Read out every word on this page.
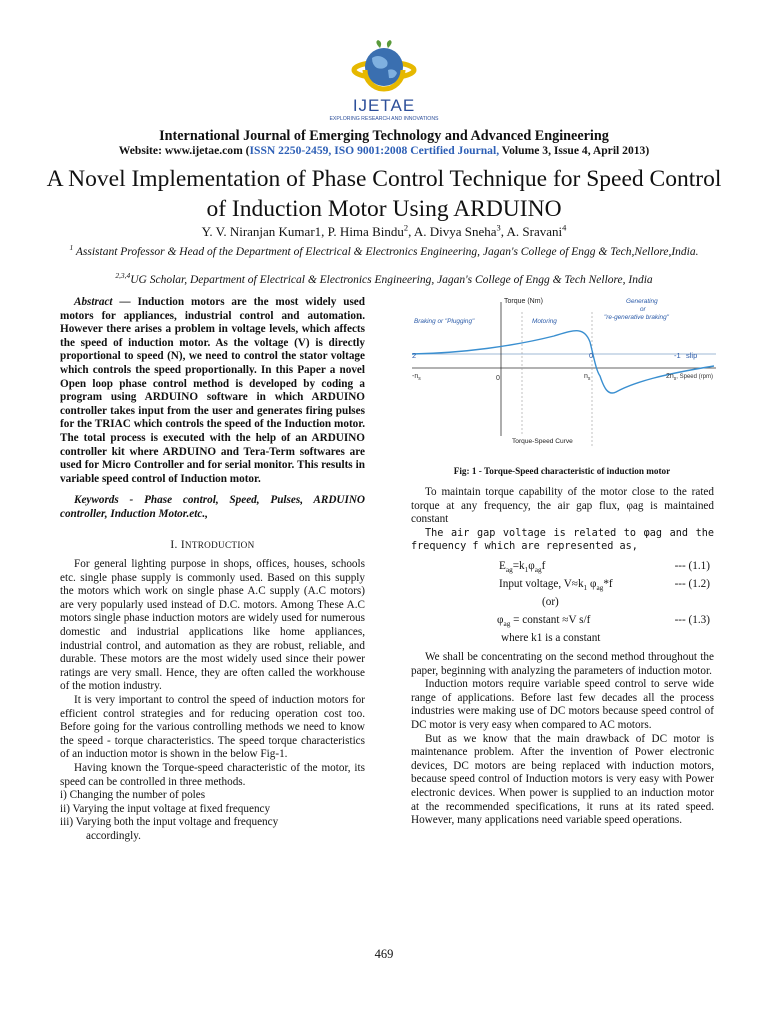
IJETAE
EXPLORING RESEARCH AND INNOVATIONS
International Journal of Emerging Technology and Advanced Engineering
Website: www.ijetae.com (ISSN 2250-2459, ISO 9001:2008 Certified Journal, Volume 3, Issue 4, April 2013)
A Novel Implementation of Phase Control Technique for Speed Control of Induction Motor Using ARDUINO
Y. V. Niranjan Kumar1, P. Hima Bindu$^2$, A. Divya Sneha$^3$, A. Sravani$^4$
$^1$ Assistant Professor & Head of the Department of Electrical & Electronics Engineering, Jagan's College of Engg & Tech,Nellore,India.
$^{2,3,4}$UG Scholar, Department of Electrical & Electronics Engineering, Jagan's College of Engg & Tech Nellore, India
Abstract — Induction motors are the most widely used motors for appliances, industrial control and automation. However there arises a problem in voltage levels, which affects the speed of induction motor. As the voltage (V) is directly proportional to speed (N), we need to control the stator voltage which controls the speed proportionally. In this Paper a novel Open loop phase control method is developed by coding a program using ARDUINO software in which ARDUINO controller takes input from the user and generates firing pulses for the TRIAC which controls the speed of the Induction motor. The total process is executed with the help of an ARDUINO controller kit where ARDUINO and Tera-Term softwares are used for Micro Controller and for serial monitor. This results in variable speed control of Induction motor.
Keywords - Phase control, Speed, Pulses, ARDUINO controller, Induction Motor.etc.,
I. INTRODUCTION

For general lighting purpose in shops, offices, houses, schools etc. single phase supply is commonly used. Based on this supply the motors which work on single phase A.C supply (A.C motors) are very popularly used instead of D.C. motors. Among These A.C motors single phase induction motors are widely used for numerous domestic and industrial applications like home appliances, industrial control, and automation as they are robust, reliable, and durable. These motors are the most widely used since their power ratings are very small. Hence, they are often called the workhouse of the motion industry.

It is very important to control the speed of induction motors for efficient control strategies and for reducing operation cost too. Before going for the various controlling methods we need to know the speed - torque characteristics. The speed torque characteristics of an induction motor is shown in the below Fig-1.

Having known the Torque-speed characteristic of the motor, its speed can be controlled in three methods.

i) Changing the number of poles
ii) Varying the input voltage at fixed frequency
iii) Varying both the input voltage and frequency
accordingly.
Torque (Nm)
Braking or "Plugging"	Motoring
Generating
or
"re-generative braking"
2	0	-1 slip
$-n_s$	0	$n_s$	$2n_s$, Speed (rpm)
Torque-Speed Curve
Fig: 1 - Torque-Speed characteristic of induction motor

To maintain torque capability of the motor close to the rated torque at any frequency, the air gap flux, φag is maintained constant

The air gap voltage is related to φag and the frequency f which are represented as,

$E_{ag}=k_1\varphi_{ag}f$	--- (1.1)
Input voltage, $V\approx k_1$ $\varphi_{ag}*f$	--- (1.2)
(or)
$\varphi_{ag}$ = constant ≈V s/f	--- (1.3)
where k1 is a constant

We shall be concentrating on the second method throughout the paper, beginning with analyzing the parameters of induction motor.

Induction motors require variable speed control to serve wide range of applications. Before last few decades all the process industries were making use of DC motors because speed control of DC motor is very easy when compared to AC motors.

But as we know that the main drawback of DC motor is maintenance problem. After the invention of Power electronic devices, DC motors are being replaced with induction motors, because speed control of Induction motors is very easy with Power electronic devices. When power is supplied to an induction motor at the recommended specifications, it runs at its rated speed. However, many applications need variable speed operations.

469
